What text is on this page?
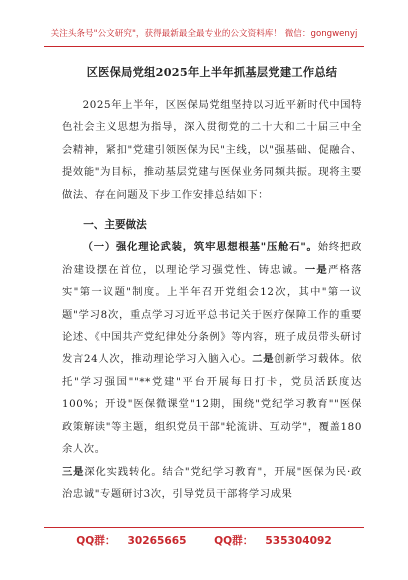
关注头条号"公文研究"，获得最新最全最专业的公文资料库！ 微信：gongwenyj
区医保局党组2025年上半年抓基层党建工作总结

2025年上半年，区医保局党组坚持以习近平新时代中国特色社会主义思想为指导，深入贯彻党的二十大和二十届三中全会精神，紧扣"党建引领医保为民"主线，以"强基础、促融合、提效能"为目标，推动基层党建与医保业务同频共振。现将主要做法、存在问题及下步工作安排总结如下：

一、主要做法

（一）强化理论武装，筑牢思想根基"压舱石"。始终把政治建设摆在首位，以理论学习强党性、铸忠诚。一是严格落实"第一议题"制度。上半年召开党组会12次，其中"第一议题"学习8次，重点学习习近平总书记关于医疗保障工作的重要论述、《中国共产党纪律处分条例》等内容，班子成员带头研讨发言24人次，推动理论学习入脑入心。二是创新学习载体。依托"学习强国""**党建"平台开展每日打卡，党员活跃度达100%；开设"医保微课堂"12期，围绕"党纪学习教育""医保政策解读"等主题，组织党员干部"轮流讲、互动学"，覆盖180余人次。

三是深化实践转化。结合"党纪学习教育"，开展"医保为民·政治忠诚"专题研讨3次，引导党员干部将学习成果

QQ群： 30265665	QQ群： 535304092
